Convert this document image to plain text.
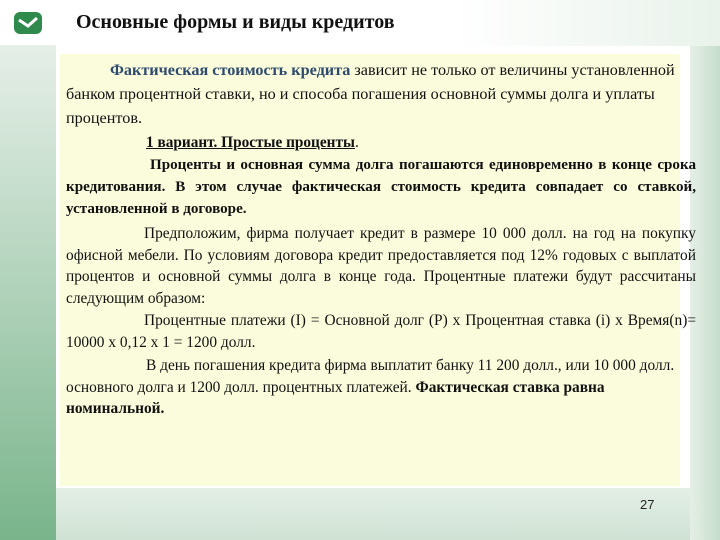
Основные формы и виды кредитов

Фактическая стоимость кредита зависит не только от величины установленной банком процентной ставки, но и способа погашения основной суммы долга и уплаты процентов.

1 вариант. Простые проценты.

Проценты и основная сумма долга погашаются единовременно в конце срока кредитования. В этом случае фактическая стоимость кредита совпадает со ставкой, установленной в договоре.

Предположим, фирма получает кредит в размере 10 000 долл. на год на покупку офисной мебели. По условиям договора кредит предоставляется под 12% годовых с выплатой процентов и основной суммы долга в конце года. Процентные платежи будут рассчитаны следующим образом:

Процентные платежи (I) = Основной долг (P) x Процентная ставка (i) x Время(n)= 10000 x 0,12 x 1 = 1200 долл.

В день погашения кредита фирма выплатит банку 11 200 долл., или 10 000 долл. основного долга и 1200 долл. процентных платежей. Фактическая ставка равна номинальной.

27
